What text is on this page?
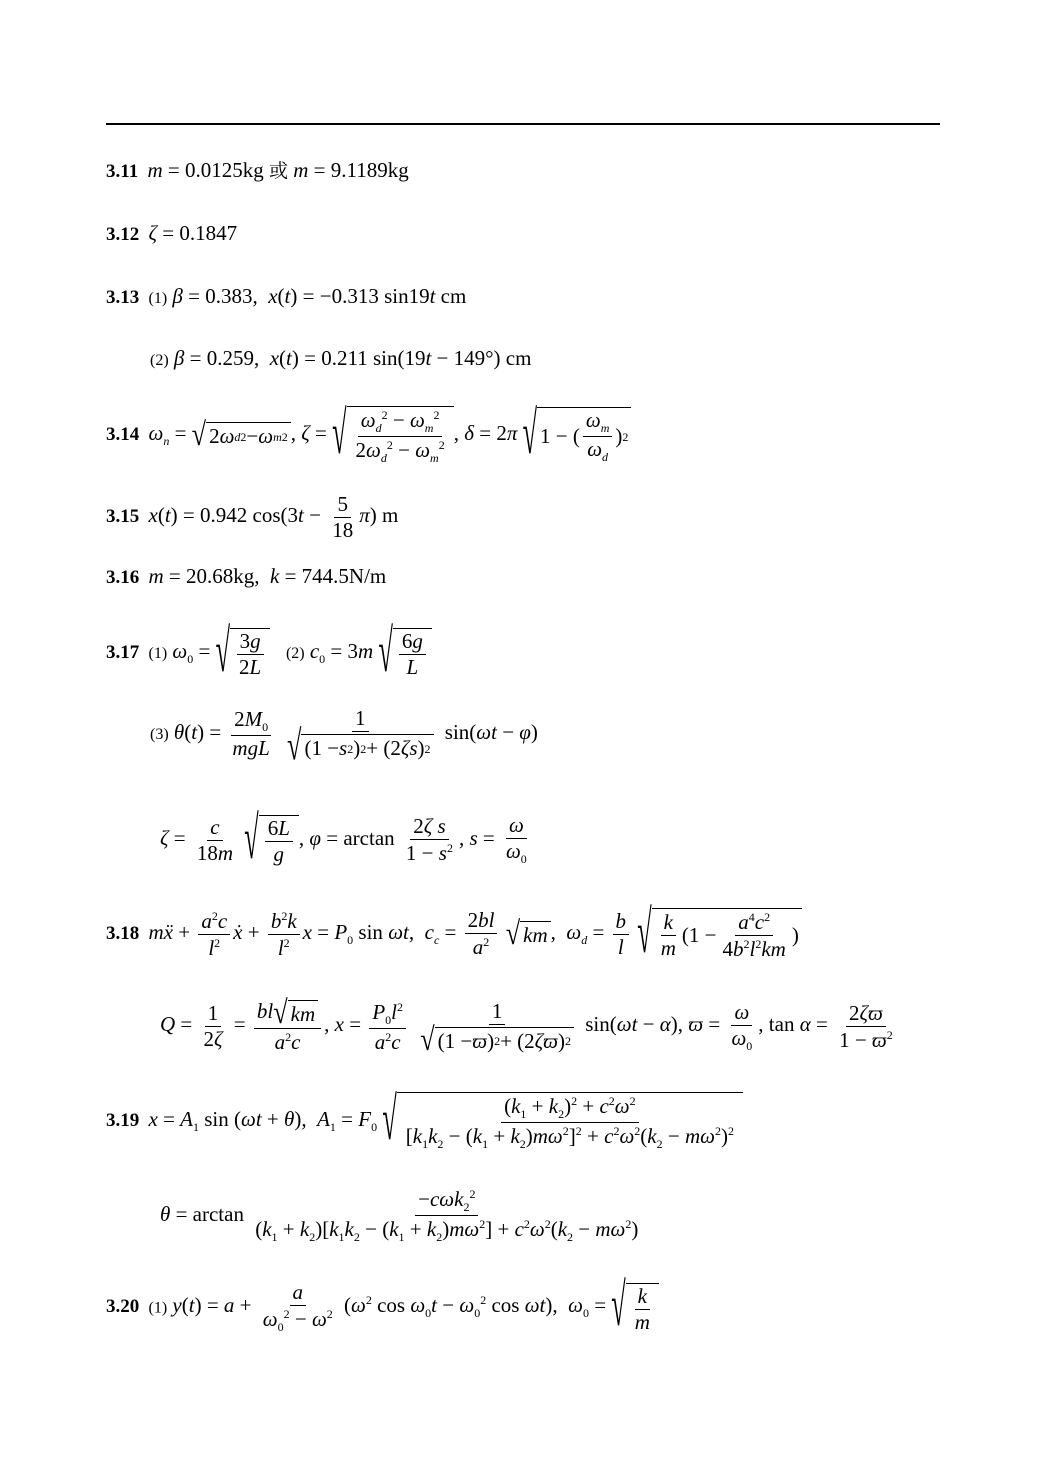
3.11 m = 0.0125kg 或 m = 9.1189kg
3.12 ζ = 0.1847
3.13 (1) β = 0.383,  x(t) = −0.313 sin19t cm
(2) β = 0.259,  x(t) = 0.211 sin(19t − 149°) cm
3.14 $\omega_n$ = √ 2 ω d 2 − ω m 2 , ζ = √ $\frac{\omega_d^2 - \omega_m^2}{2\omega_d^2 - \omega_m^2}$ , δ = 2π √ 1 − ( $\frac{\omega_m}{\omega_d}$ ) 2
3.15 x(t) = 0.942 $\cos(3t - \frac{5}{18} \pi)$ m
3.16 m = 20.68kg,  k = 744.5N/m
3.17 (1) $\omega_0$ = √ $\frac{3g}{2L} (2) c_0 = 3m$ √ $\frac{6g}{L}$
(3) $\theta(t) = \frac{2M_0}{\text{mgL}}$
$\frac{1}{\text{√ (1 − s 2 ) 2 + (2 ζ s ) 2}} \sin(\omega t - \varphi)$
$\zeta = \frac{c}{18m}$
√ $\frac{6L}{g}$ , $\varphi = \arctan \frac{\text{2ζ s}}{1 - s^2}$ , $s = \frac{\omega}{\omega_0}$
3.18 mẍ + $\frac{a^2c}{l^2}$ ẋ + $\frac{b^2k}{l^2}$ $x = P_0$ sin ωt,  $c_c = \frac{2bl}{a^2}$
√ km ,  $\omega_d = \frac{b}{l}$
√ $\frac{k}{m} (1 - \frac{a^4c^2}{4b^2l^2km}$ )
$Q = \frac{1}{2\zeta} = \frac{bl √ km}{a^2c}$ , $x = \frac{P_0l^2}{a^2c}$
$\frac{1}{√ (1 - ϖ ) 2 + (2 \zeta ϖ ) 2} \sin(\omega t - \alpha)$, $ϖ = \frac{\omega}{\omega_0}$ , $\tan \alpha = \frac{2\zeta ϖ}{1 - ϖ^2}$
3.19 $x = A_1$ sin (ωt + θ),  $A_1 = F_0$ √ $\frac{(k_1 + k_2)^2 + c^2\omega^2}{[k_1k_2 - (k_1 + k_2)m\omega^2]^2 + c^2\omega^2(k_2 - m\omega^2)^2}$
$\theta = \arctan \frac{-c\omega k_2^2}{(k_1 + k_2)[k_1k_2 - (k_1 + k_2)m\omega^2] + c^2\omega^2(k_2 - m\omega^2)}$
3.20 (1) $y(t) = a + \frac{a}{\omega_0^2 - \omega^2} (\omega^2$ $\cos \omega_0t - \omega_0^2$ cos ωt),  $\omega_0$ = √ $\frac{k}{m}$
